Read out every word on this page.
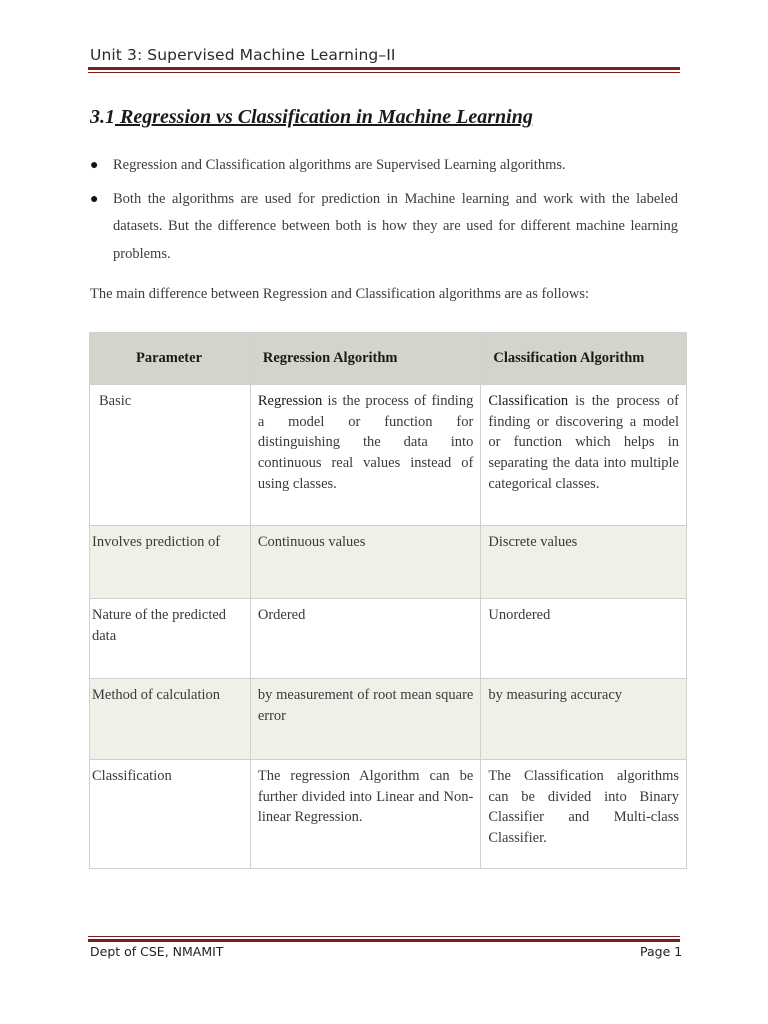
Unit 3: Supervised Machine Learning–II
3.1 Regression vs Classification in Machine Learning
● Regression and Classification algorithms are Supervised Learning algorithms.
● Both the algorithms are used for prediction in Machine learning and work with the labeled datasets. But the difference between both is how they are used for different machine learning problems.
The main difference between Regression and Classification algorithms are as follows:
Parameter	Regression Algorithm	Classification Algorithm
Basic	Regression is the process of finding a model or function for distinguishing the data into continuous real values instead of using classes.	Classification is the process of finding or discovering a model or function which helps in separating the data into multiple categorical classes.
Involves prediction of	Continuous values	Discrete values
Nature of the predicted data	Ordered	Unordered
Method of calculation	by measurement of root mean square error	by measuring accuracy
Classification	The regression Algorithm can be further divided into Linear and Non-linear Regression.	The Classification algorithms can be divided into Binary Classifier and Multi-class Classifier.
Dept of CSE, NMAMIT	Page 1
